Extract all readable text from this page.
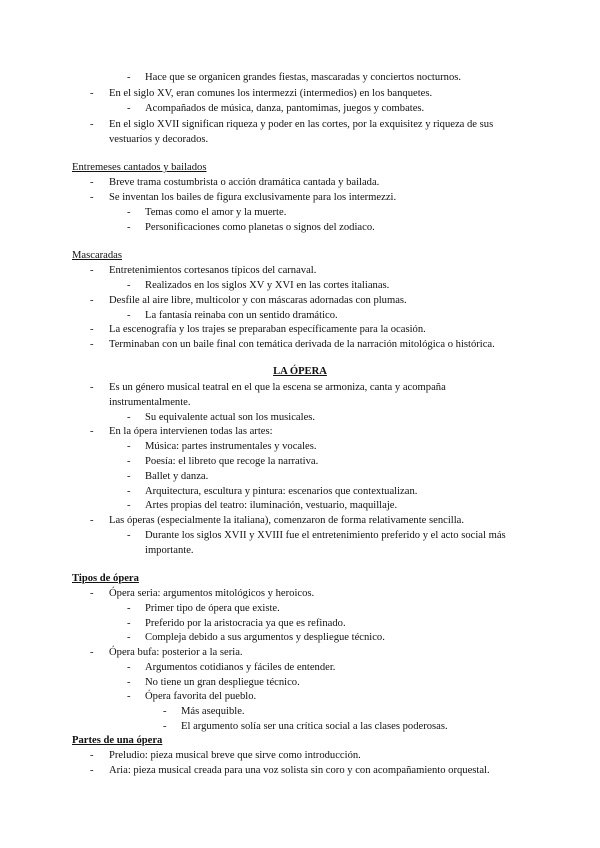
- Hace que se organicen grandes fiestas, mascaradas y conciertos nocturnos.
- En el siglo XV, eran comunes los intermezzi (intermedios) en los banquetes.
- Acompañados de música, danza, pantomimas, juegos y combates.
- En el siglo XVII significan riqueza y poder en las cortes, por la exquisitez y riqueza de sus
vestuarios y decorados.
Entremeses cantados y bailados
- Breve trama costumbrista o acción dramática cantada y bailada.
- Se inventan los bailes de figura exclusivamente para los intermezzi.
- Temas como el amor y la muerte.
- Personificaciones como planetas o signos del zodiaco.
Mascaradas
- Entretenimientos cortesanos típicos del carnaval.
- Realizados en los siglos XV y XVI en las cortes italianas.
- Desfile al aire libre, multicolor y con máscaras adornadas con plumas.
- La fantasía reinaba con un sentido dramático.
- La escenografía y los trajes se preparaban específicamente para la ocasión.
- Terminaban con un baile final con temática derivada de la narración mitológica o histórica.
LA ÓPERA
- Es un género musical teatral en el que la escena se armoniza, canta y acompaña
instrumentalmente.
- Su equivalente actual son los musicales.
- En la ópera intervienen todas las artes:
- Música: partes instrumentales y vocales.
- Poesía: el libreto que recoge la narrativa.
- Ballet y danza.
- Arquitectura, escultura y pintura: escenarios que contextualizan.
- Artes propias del teatro: iluminación, vestuario, maquillaje.
- Las óperas (especialmente la italiana), comenzaron de forma relativamente sencilla.
- Durante los siglos XVII y XVIII fue el entretenimiento preferido y el acto social más
importante.
Tipos de ópera
- Ópera seria: argumentos mitológicos y heroicos.
- Primer tipo de ópera que existe.
- Preferido por la aristocracia ya que es refinado.
- Compleja debido a sus argumentos y despliegue técnico.
- Ópera bufa: posterior a la seria.
- Argumentos cotidianos y fáciles de entender.
- No tiene un gran despliegue técnico.
- Ópera favorita del pueblo.
- Más asequible.
- El argumento solía ser una crítica social a las clases poderosas.
Partes de una ópera
- Preludio: pieza musical breve que sirve como introducción.
- Aria: pieza musical creada para una voz solista sin coro y con acompañamiento orquestal.
